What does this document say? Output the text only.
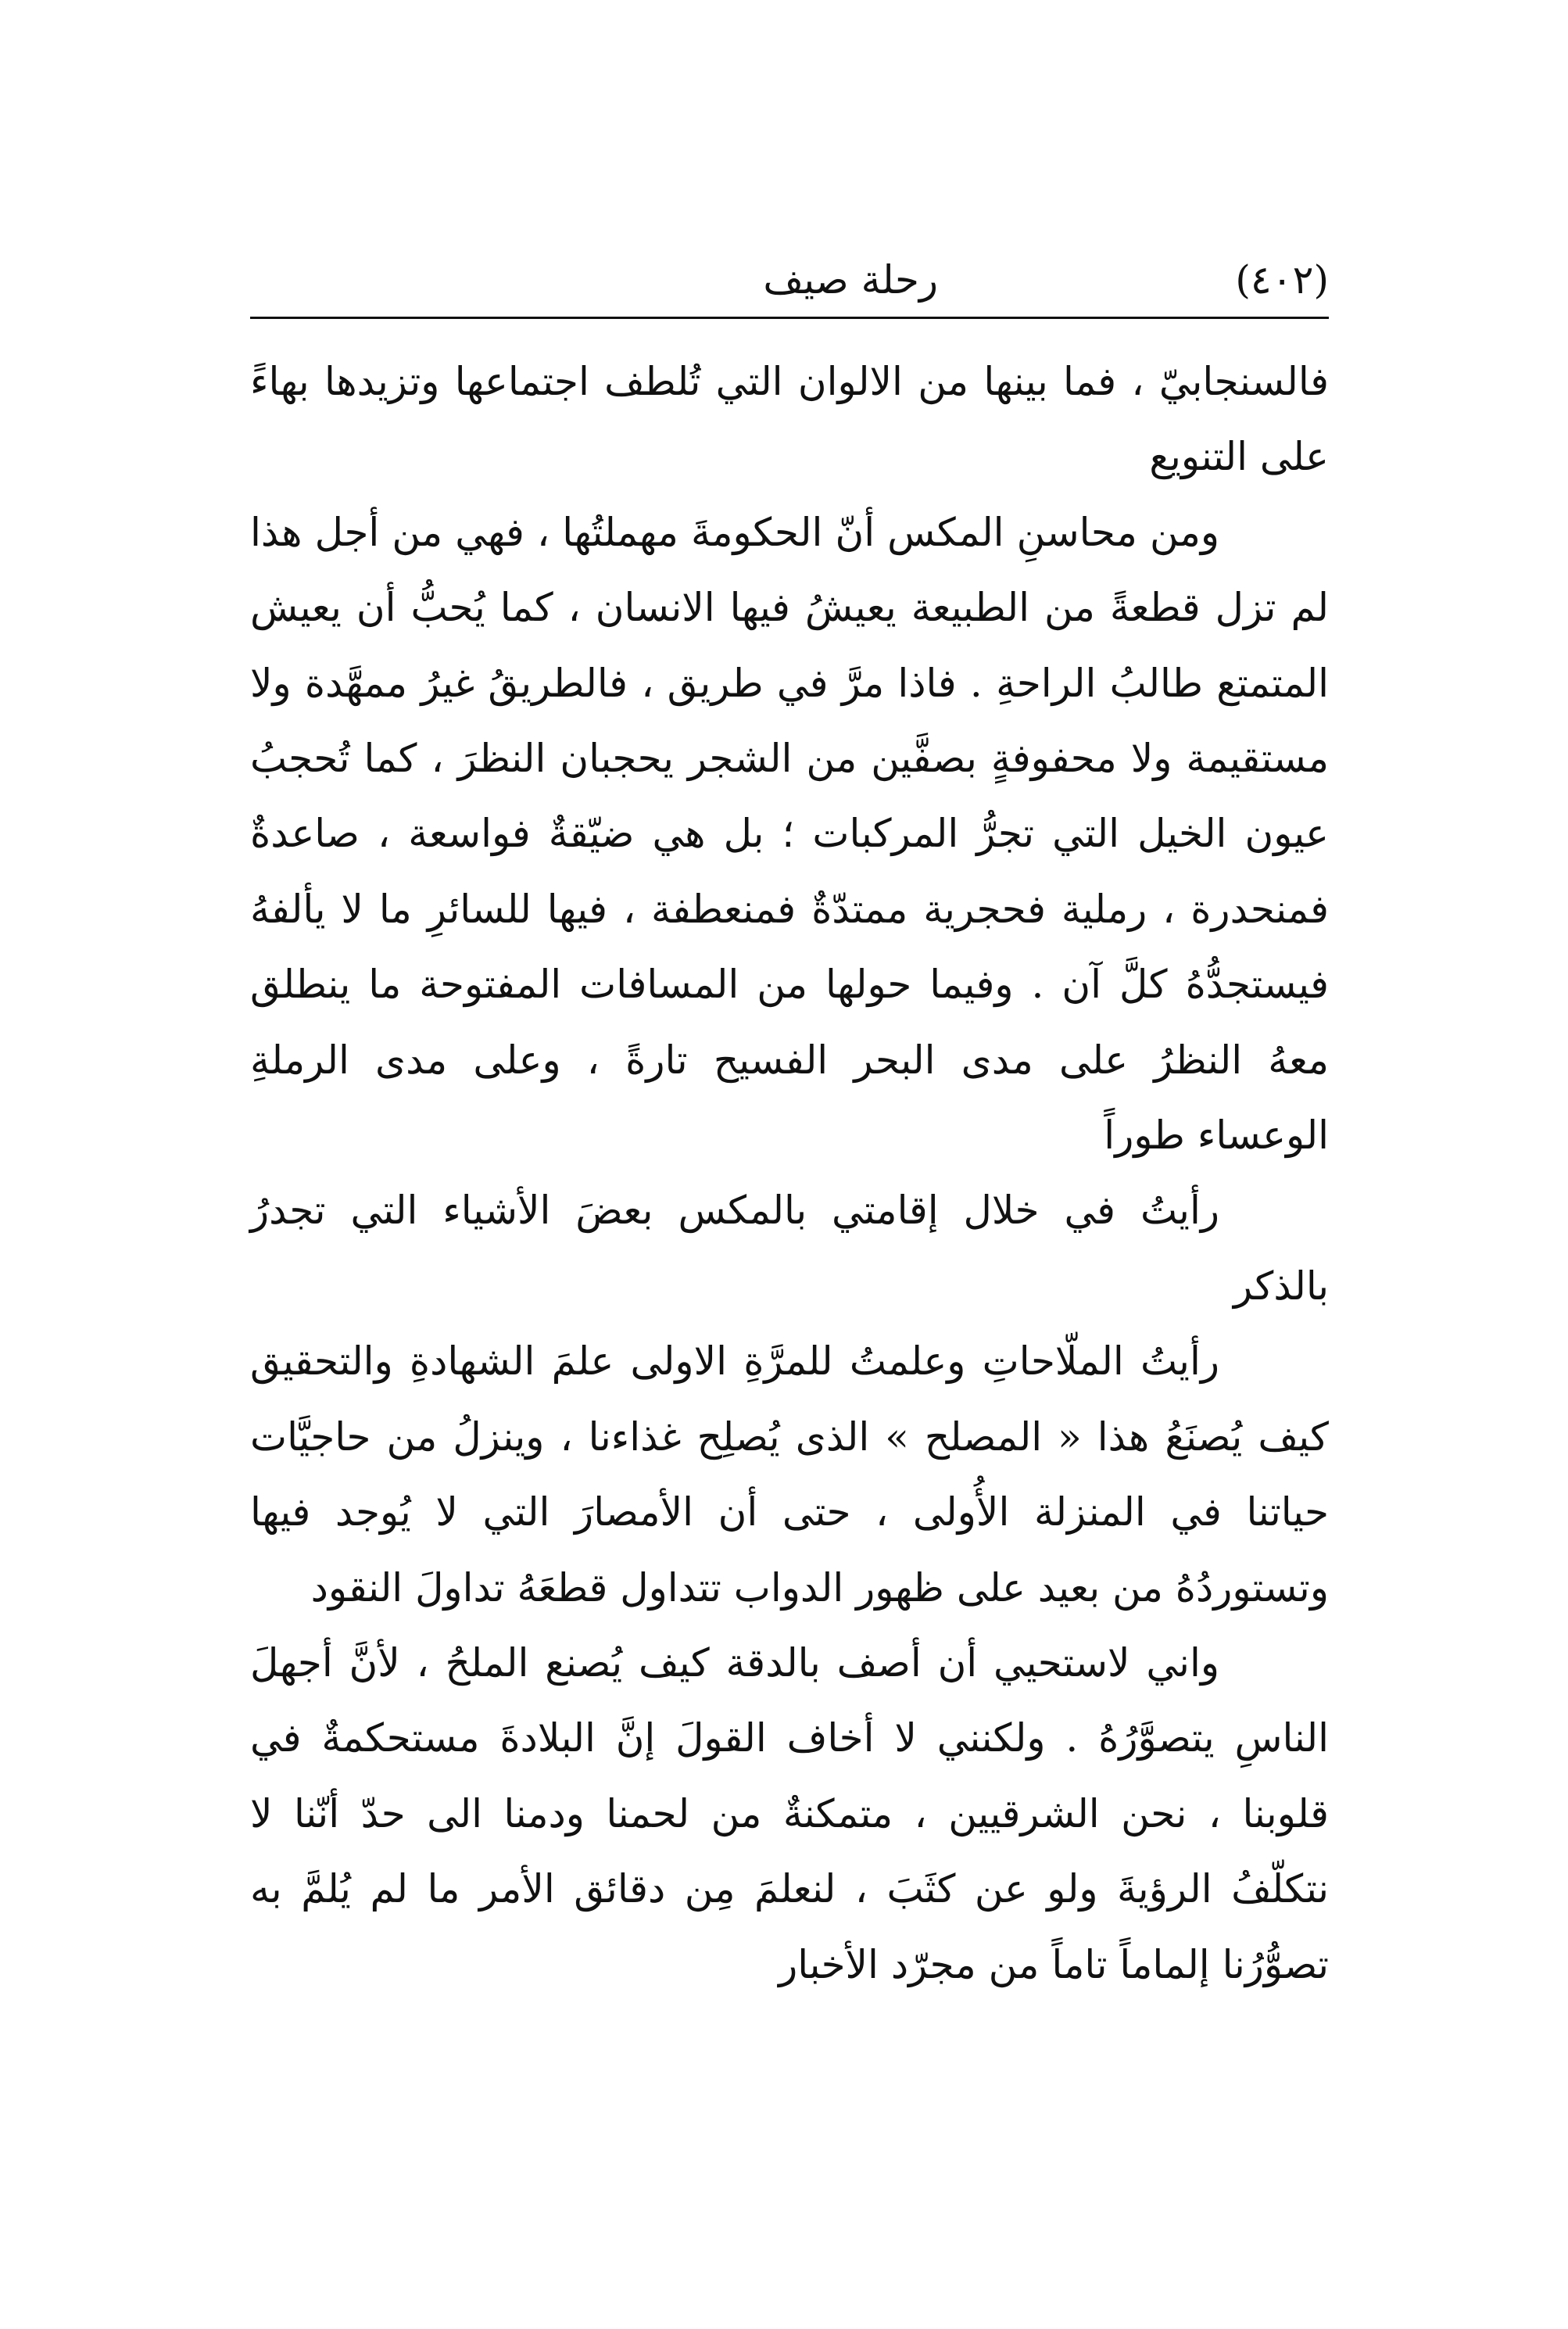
(٤٠٢)
رحلة صيف

فالسنجابيّ ، فما بينها من الالوان التي تُلطف اجتماعها وتزيدها بهاءً على التنويع

ومن محاسنِ المكس أنّ الحكومةَ مهملتُها ، فهي من أجل هذا لم تزل قطعةً من الطبيعة يعيشُ فيها الانسان ، كما يُحبُّ أن يعيش المتمتع طالبُ الراحةِ . فاذا مرَّ في طريق ، فالطريقُ غيرُ ممهَّدة ولا مستقيمة ولا محفوفةٍ بصفَّين من الشجر يحجبان النظرَ ، كما تُحجبُ عيون الخيل التي تجرُّ المركبات ؛ بل هي ضيّقةٌ فواسعة ، صاعدةٌ فمنحدرة ، رملية فحجرية ممتدّةٌ فمنعطفة ، فيها للسائرِ ما لا يألفهُ فيستجدُّهُ كلَّ آن . وفيما حولها من المسافات المفتوحة ما ينطلق معهُ النظرُ على مدى البحر الفسيح تارةً ، وعلى مدى الرملةِ الوعساء طوراً

رأيتُ في خلال إقامتي بالمكس بعضَ الأشياء التي تجدرُ بالذكر

رأيتُ الملّاحاتِ وعلمتُ للمرَّةِ الاولى علمَ الشهادةِ والتحقيق كيف يُصنَعُ هذا « المصلح » الذى يُصلِح غذاءنا ، وينزلُ من حاجيَّات حياتنا في المنزلة الأُولى ، حتى أن الأمصارَ التي لا يُوجد فيها وتستوردُهُ من بعيد على ظهور الدواب تتداول قطعَهُ تداولَ النقود

واني لاستحيي أن أصف بالدقة كيف يُصنع الملحُ ، لأنَّ أجهلَ الناسِ يتصوَّرُهُ . ولكنني لا أخاف القولَ إنَّ البلادةَ مستحكمةٌ في قلوبنا ، نحن الشرقيين ، متمكنةٌ من لحمنا ودمنا الى حدّ أنّنا لا نتكلّفُ الرؤيةَ ولو عن كثَبَ ، لنعلمَ مِن دقائق الأمر ما لم يُلمَّ به تصوُّرُنا إلماماً تاماً من مجرّد الأخبار
